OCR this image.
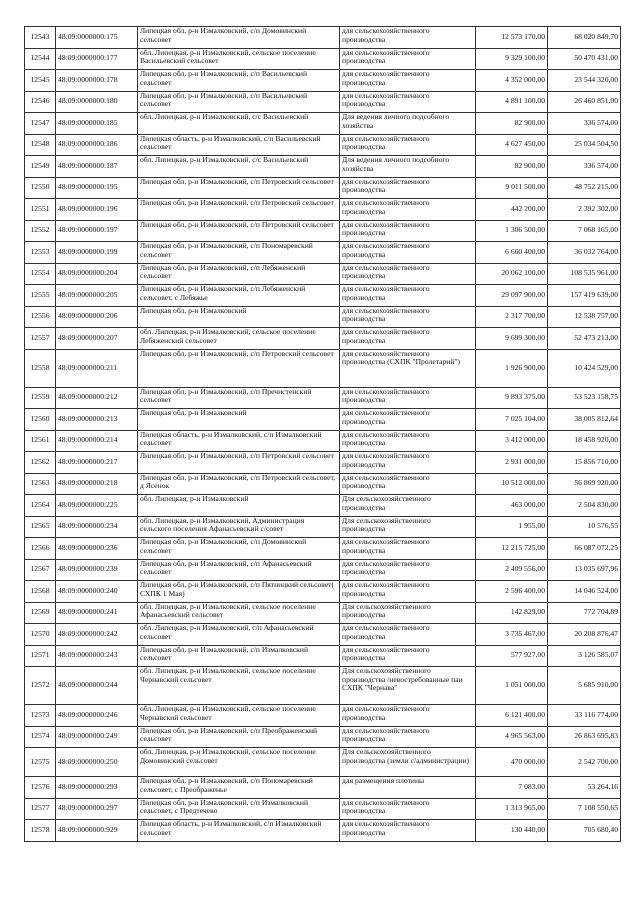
12543	48:09:0000000:175	Липецкая обл, р-н Измалковский, с/п Домовинский сельсовет	для сельскохозяйственного производства	12 573 170,00	68 020 849,70
12544	48:09:0000000:177	обл. Липецкая, р-н Измалковский, сельское поселение Васильевский сельсовет	для сельскохозяйственного производства	9 329 100,00	50 470 431,00
12545	48:09:0000000:178	Липецкая обл, р-н Измалковский, с/п Васильевский сельсовет	для сельскохозяйственного производства	4 352 000,00	23 544 320,00
12546	48:09:0000000:180	Липецкая обл, р-н Измалковский, с/п Васильевский сельсовет	для сельскохозяйственного производства	4 891 100,00	26 460 851,00
12547	48:09:0000000:185	обл. Липецкая, р-н Измалковский, с/с Васильевский	Для ведения личного подсобного хозяйства	82 900,00	336 574,00
12548	48:09:0000000:186	Липецкая область, р-н Измалковский, с/п Васильевский сельсовет	для сельскохозяйственного производства	4 627 450,00	25 034 504,50
12549	48:09:0000000:187	обл. Липецкая, р-н Измалковский, с/с Васильевский	Для ведения личного подсобного хозяйства	82 900,00	336 574,00
12550	48:09:0000000:195	Липецкая обл, р-н Измалковский, с/п Петровский сельсовет	для сельскохозяйственного производства	9 011 500,00	48 752 215,00
12551	48:09:0000000:196	Липецкая обл, р-н Измалковский, с/п Петровский сельсовет	для сельскохозяйственного производства	442 200,00	2 392 302,00
12552	48:09:0000000:197	Липецкая обл, р-н Измалковский, с/п Петровский сельсовет	для сельскохозяйственного производства	1 306 500,00	7 068 165,00
12553	48:09:0000000:199	Липецкая обл, р-н Измалковский, с/п Пономаревский сельсовет	для сельскохозяйственного производства	6 660 400,00	36 032 764,00
12554	48:09:0000000:204	Липецкая обл, р-н Измалковский, с/п Лебяженский сельсовет	для сельскохозяйственного производства	20 062 100,00	108 535 961,00
12555	48:09:0000000:205	Липецкая обл, р-н Измалковский, с/п Лебяженский сельсовет, с Лебяжье	для сельскохозяйственного производства	29 097 900,00	157 419 639,00
12556	48:09:0000000:206	Липецкая обл, р-н Измалковский	для сельскохозяйственного производства	2 317 700,00	12 538 757,00
12557	48:09:0000000:207	обл. Липецкая, р-н Измалковский, сельское поселение Лебяженский сельсовет	для сельскохозяйственного производства	9 699 300,00	52 473 213,00
12558	48:09:0000000:211	Липецкая обл, р-н Измалковский, с/п Петровский сельсовет	для сельскохозяйственного производства (СХПК "Пролетарий")	1 926 900,00	10 424 529,00
12559	48:09:0000000:212	Липецкая обл, р-н Измалковский, с/п Пречистенский сельсовет	для сельскохозяйственного производства	9 893 375,00	53 523 158,75
12560	48:09:0000000:213	Липецкая обл, р-н Измалковский	для сельскохозяйственного производства	7 025 104,00	38 005 812,64
12561	48:09:0000000:214	Липецкая область, р-н Измалковский, с/п Измалковский сельсовет	для сельскохозяйственного производства	3 412 000,00	18 458 920,00
12562	48:09:0000000:217	Липецкая обл, р-н Измалковский, с/п Петровский сельсовет	для сельскохозяйственного производства	2 931 000,00	15 856 710,00
12563	48:09:0000000:218	Липецкая обл, р-н Измалковский, с/п Петровский сельсовет, д Ясенок	для сельскохозяйственного производства	10 512 000,00	56 869 920,00
12564	48:09:0000000:225	обл. Липецкая, р-н Измалковский	Для сельскохозяйственного производства	463 000,00	2 504 830,00
12565	48:09:0000000:234	обл. Липецкая, р-н Измалковский, Администрация сельского поселения Афанасьевский с/совет	Для сельскохозяйственного производства	1 955,00	10 576,55
12566	48:09:0000000:236	Липецкая обл, р-н Измалковский, с/п Домовинский сельсовет	для сельскохозяйственного производства	12 215 725,00	66 087 072,25
12567	48:09:0000000:239	Липецкая обл, р-н Измалковский, с/п Афанасьевский сельсовет	для сельскохозяйственного производства	2 409 556,00	13 035 697,96
12568	48:09:0000000:240	Липецкая обл, р-н Измалковский, с/п Пятницкий сельсовет( СХПК 1 Мая)	для сельскохозяйственного производства	2 596 400,00	14 046 524,00
12569	48:09:0000000:241	обл. Липецкая, р-н Измалковский, сельское поселение Афанасьевский сельсовет	Для сельскохозяйственного производства	142 829,00	772 704,89
12570	48:09:0000000:242	обл. Липецкая, р-н Измалковский, с/п Афанасьевский сельсовет	для сельскохозяйственного производства	3 735 467,00	20 208 876,47
12571	48:09:0000000:243	Липецкая обл, р-н Измалковский, с/п Измалковский сельсовет	для сельскохозяйственного производства	577 927,00	3 126 585,07
12572	48:09:0000000:244	обл. Липецкая, р-н Измалковский, сельское поселение Чернавский сельсовет	Для сельскохозяйственного производства /невостребованные паи СХПК "Чернава"	1 051 000,00	5 685 910,00
12573	48:09:0000000:246	обл. Липецкая, р-н Измалковский, сельское поселение Чернавский сельсовет	для сельскохозяйственного производства	6 121 400,00	33 116 774,00
12574	48:09:0000000:249	Липецкая обл, р-н Измалковский, с/п Преображенский сельсовет	для сельскохозяйственного производства	4 965 563,00	26 863 695,83
12575	48:09:0000000:250	обл. Липецкая, р-н Измалковский, сельское поселение Домовинский сельсовет	Для сельскохозяйственного производства (земли с/администрации)	470 000,00	2 542 700,00
12576	48:09:0000000:293	Липецкая обл, р-н Измалковский, с/п Пономаревский сельсовет, с Преображенье	для размещения плотины	7 083,00	53 264,16
12577	48:09:0000000:297	Липецкая обл, р-н Измалковский, с/п Измалковский сельсовет, с Предтечево	для сельскохозяйственного производства	1 313 965,00	7 108 550,65
12578	48:09:0000000:929	Липецкая область, р-н Измалковский, с/п Измалковский сельсовет	для сельскохозяйственного производства	130 440,00	705 680,40
